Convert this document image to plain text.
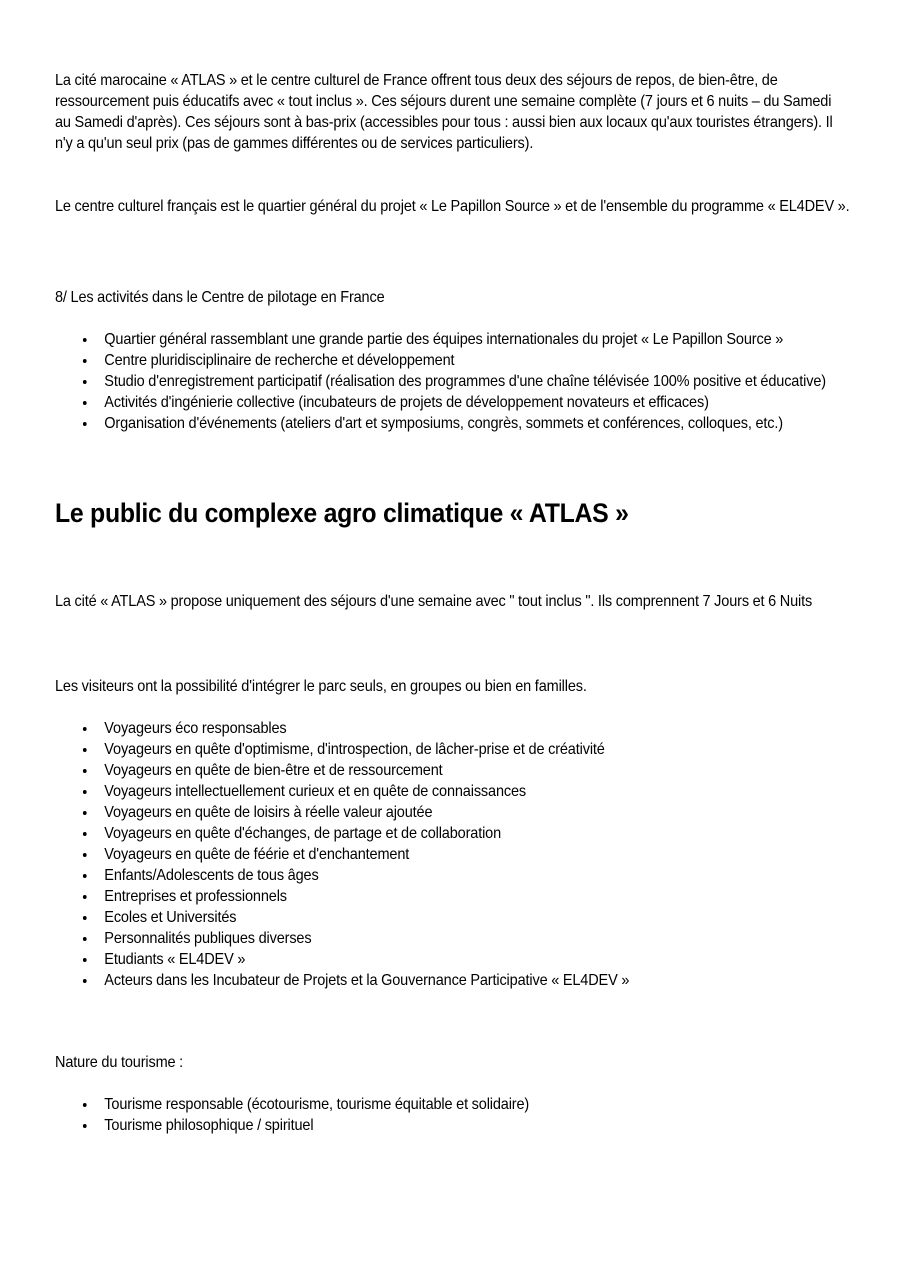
La cité marocaine « ATLAS » et le centre culturel de France offrent tous deux des séjours de repos, de bien-être, de ressourcement puis éducatifs avec « tout inclus ». Ces séjours durent une semaine complète (7 jours et 6 nuits – du Samedi au Samedi d'après). Ces séjours sont à bas-prix (accessibles pour tous : aussi bien aux locaux qu'aux touristes étrangers). Il n'y a qu'un seul prix (pas de gammes différentes ou de services particuliers).

Le centre culturel français est le quartier général du projet « Le Papillon Source » et de l'ensemble du programme « EL4DEV ».

8/ Les activités dans le Centre de pilotage en France

Quartier général rassemblant une grande partie des équipes internationales du projet « Le Papillon Source »
Centre pluridisciplinaire de recherche et développement
Studio d'enregistrement participatif (réalisation des programmes d'une chaîne télévisée 100% positive et éducative)
Activités d'ingénierie collective (incubateurs de projets de développement novateurs et efficaces)
Organisation d'événements (ateliers d'art et symposiums, congrès, sommets et conférences, colloques, etc.)
Le public du complexe agro climatique « ATLAS »

La cité « ATLAS » propose uniquement des séjours d'une semaine avec " tout inclus ". Ils comprennent 7 Jours et 6 Nuits

Les visiteurs ont la possibilité d'intégrer le parc seuls, en groupes ou bien en familles.

Voyageurs éco responsables
Voyageurs en quête d'optimisme, d'introspection, de lâcher-prise et de créativité
Voyageurs en quête de bien-être et de ressourcement
Voyageurs intellectuellement curieux et en quête de connaissances
Voyageurs en quête de loisirs à réelle valeur ajoutée
Voyageurs en quête d'échanges, de partage et de collaboration
Voyageurs en quête de féérie et d'enchantement
Enfants/Adolescents de tous âges
Entreprises et professionnels
Ecoles et Universités
Personnalités publiques diverses
Etudiants « EL4DEV »
Acteurs dans les Incubateur de Projets et la Gouvernance Participative « EL4DEV »

Nature du tourisme :

Tourisme responsable (écotourisme, tourisme équitable et solidaire)
Tourisme philosophique / spirituel
